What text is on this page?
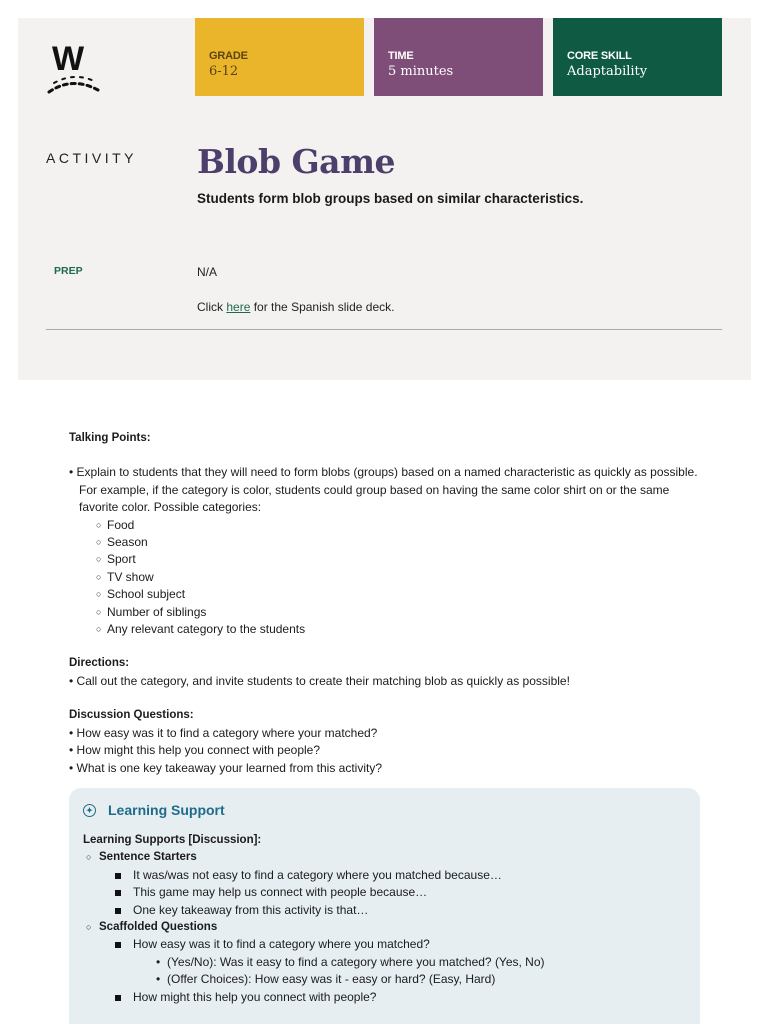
W	GRADE
6-12
TIME
5 minutes
CORE SKILL
Adaptability
ACTIVITY Blob Game
Students form blob groups based on similar characteristics.
PREP	N/A
Click here for the Spanish slide deck.
Talking Points:
• Explain to students that they will need to form blobs (groups) based on a named characteristic as quickly as possible. For example, if the category is color, students could group based on having the same color shirt on or the same favorite color. Possible categories:
○ Food
○ Season
○ Sport
○ TV show
○ School subject
○ Number of siblings
○ Any relevant category to the students
Directions:
• Call out the category, and invite students to create their matching blob as quickly as possible!
Discussion Questions:
• How easy was it to find a category where your matched?
• How might this help you connect with people?
• What is one key takeaway your learned from this activity?
✦ Learning Support
Learning Supports [Discussion]:
○ Sentence Starters
It was/was not easy to find a category where you matched because…
This game may help us connect with people because…
One key takeaway from this activity is that…
○ Scaffolded Questions
How easy was it to find a category where you matched?
• (Yes/No): Was it easy to find a category where you matched? (Yes, No)
• (Offer Choices): How easy was it - easy or hard? (Easy, Hard)
How might this help you connect with people?
